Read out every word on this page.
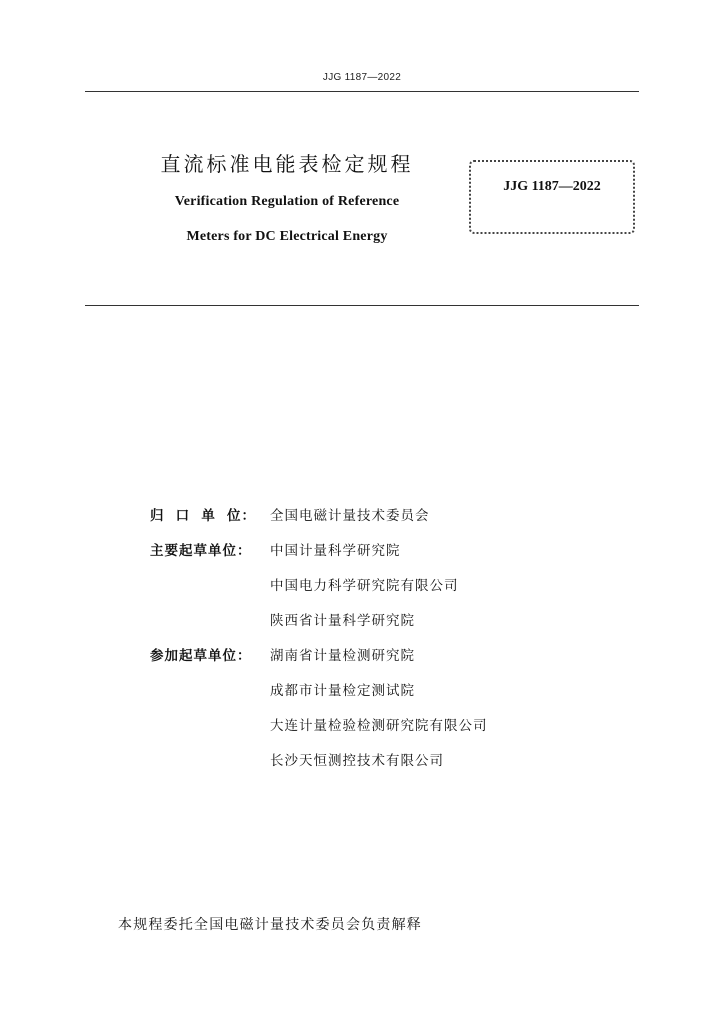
JJG 1187—2022
直流标准电能表检定规程
Verification Regulation of Reference
Meters for DC Electrical Energy
JJG 1187—2022
归 口 单 位： 全国电磁计量技术委员会
主要起草单位：	中国计量科学研究院
中国电力科学研究院有限公司
陕西省计量科学研究院
参加起草单位：	湖南省计量检测研究院
成都市计量检定测试院
大连计量检验检测研究院有限公司
长沙天恒测控技术有限公司
本规程委托全国电磁计量技术委员会负责解释
